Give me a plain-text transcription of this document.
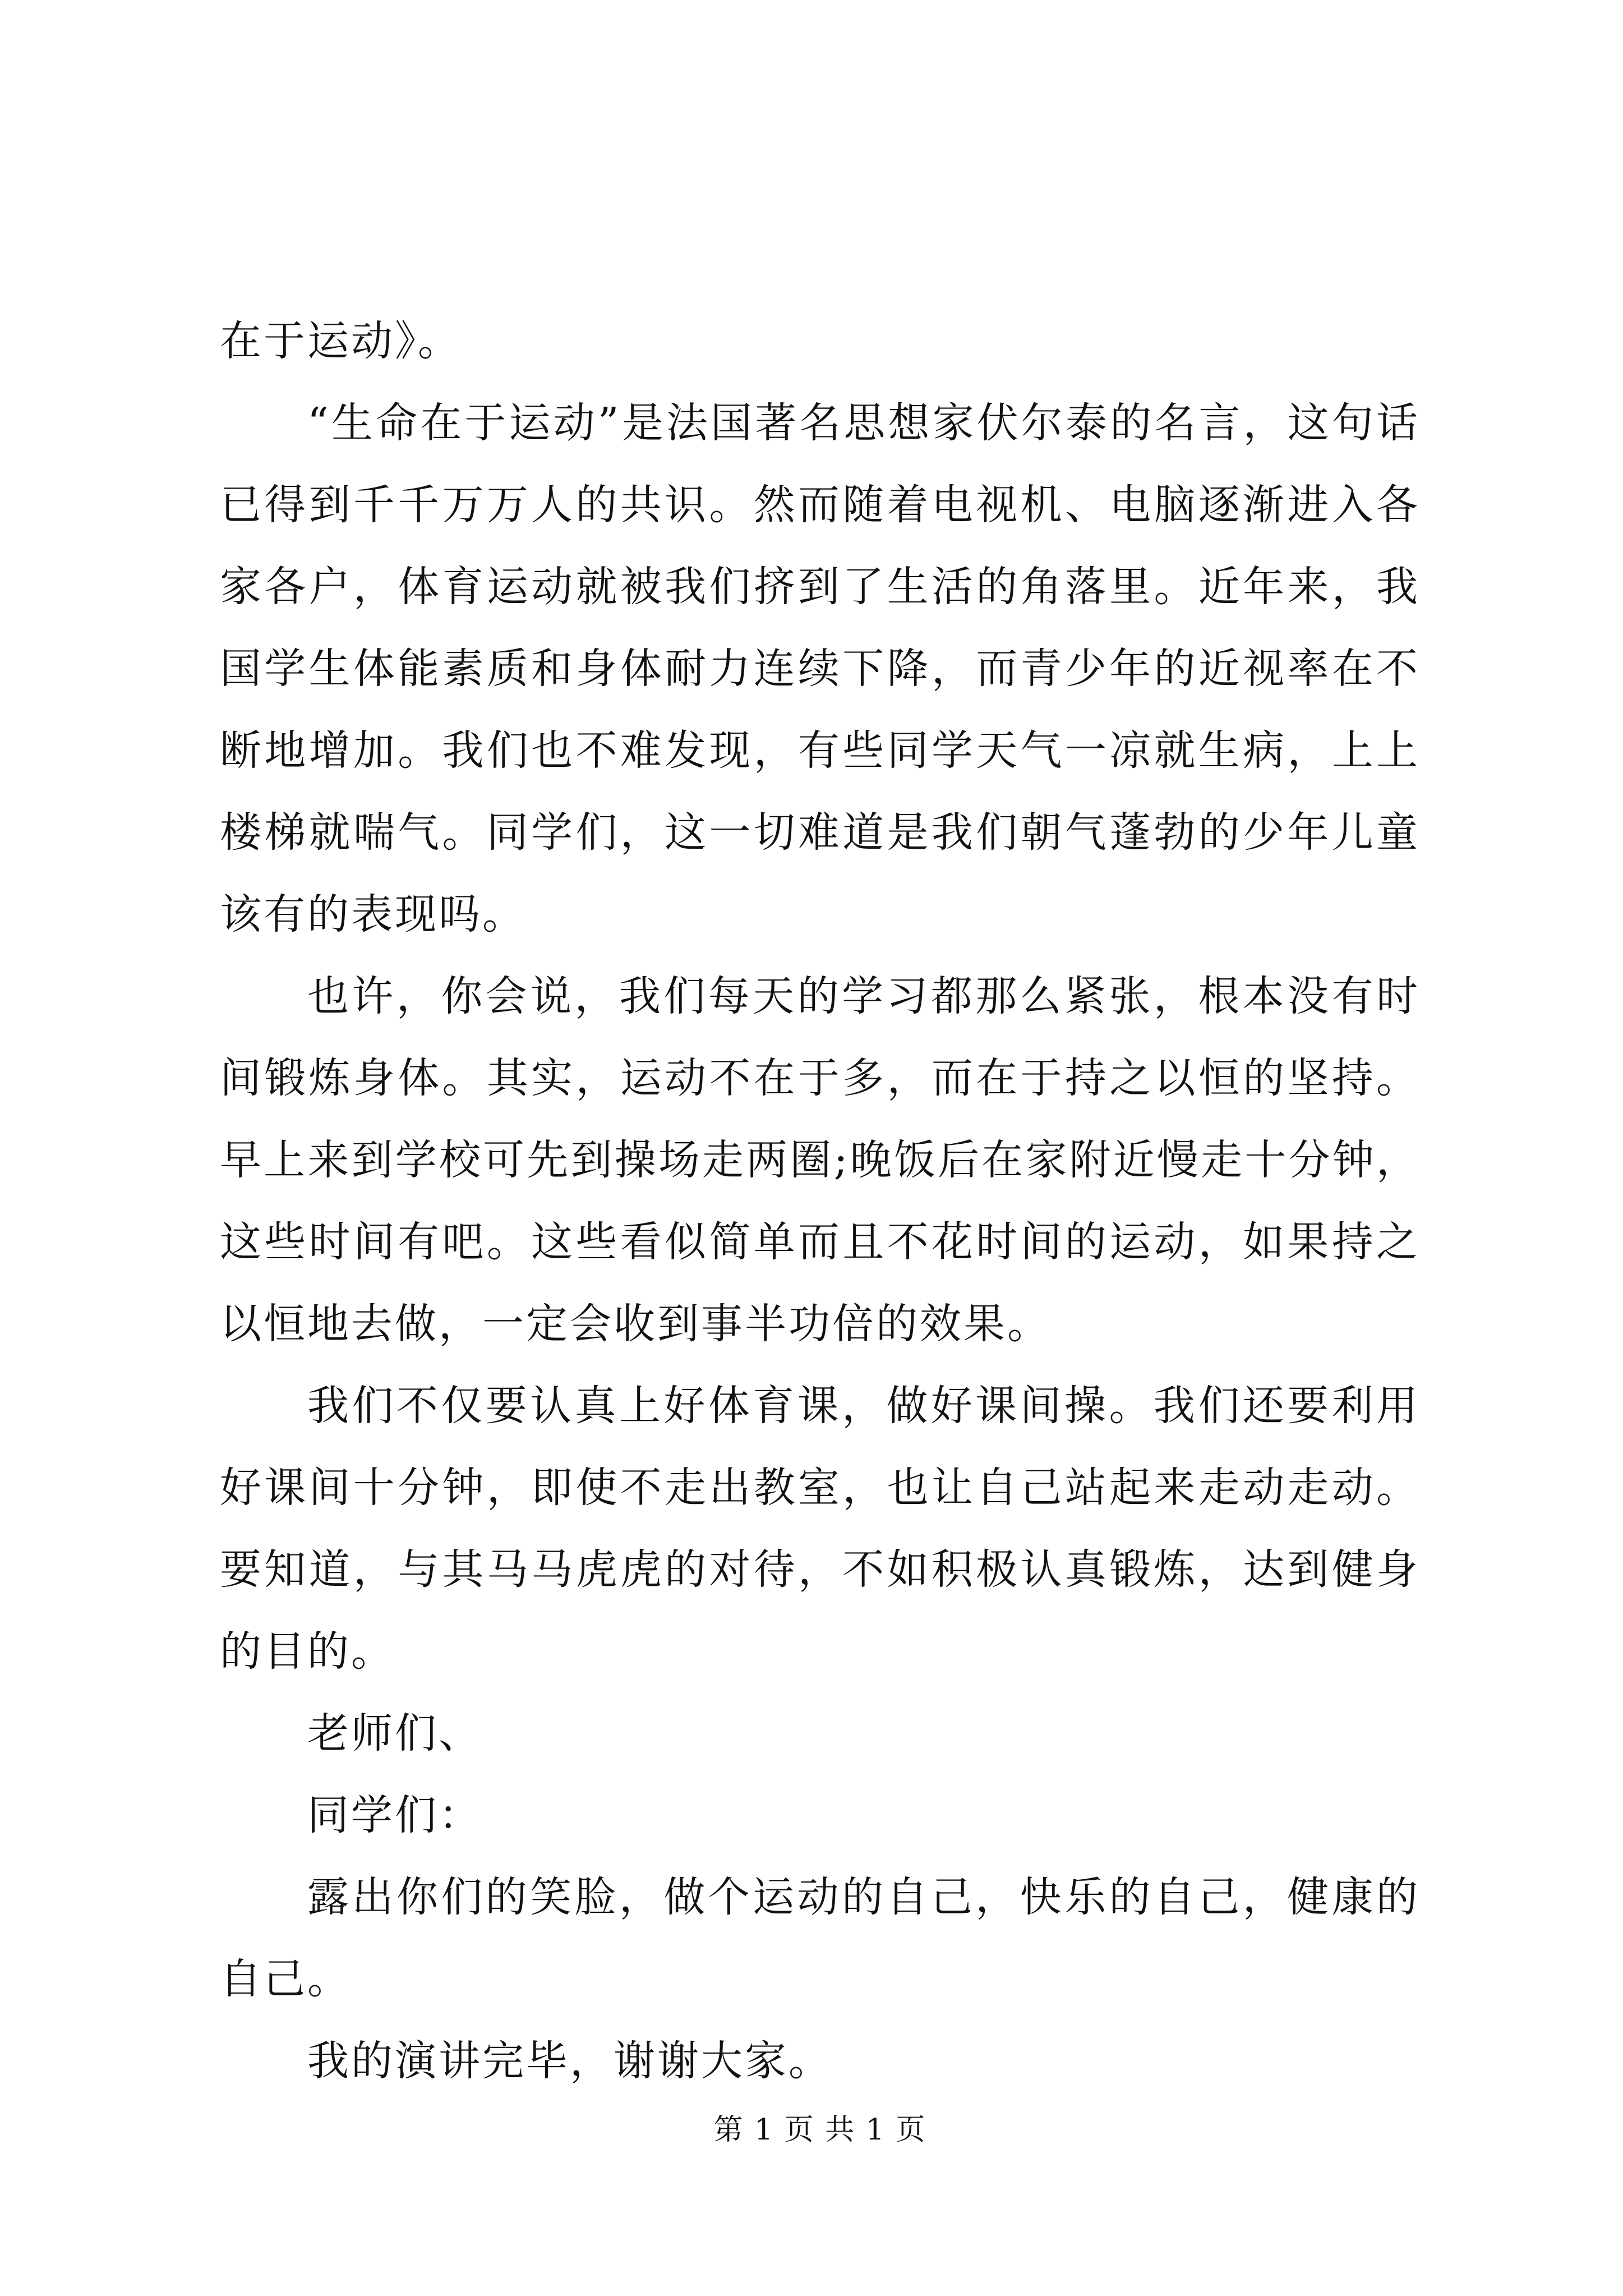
在于运动》。

“生命在于运动”是法国著名思想家伏尔泰的名言，这句话已得到千千万万人的共识。然而随着电视机、电脑逐渐进入各家各户，体育运动就被我们挤到了生活的角落里。近年来，我国学生体能素质和身体耐力连续下降，而青少年的近视率在不断地增加。我们也不难发现，有些同学天气一凉就生病，上上楼梯就喘气。同学们，这一切难道是我们朝气蓬勃的少年儿童该有的表现吗。

也许，你会说，我们每天的学习都那么紧张，根本没有时间锻炼身体。其实，运动不在于多，而在于持之以恒的坚持。早上来到学校可先到操场走两圈;晚饭后在家附近慢走十分钟，这些时间有吧。这些看似简单而且不花时间的运动，如果持之以恒地去做，一定会收到事半功倍的效果。

我们不仅要认真上好体育课，做好课间操。我们还要利用好课间十分钟，即使不走出教室，也让自己站起来走动走动。要知道，与其马马虎虎的对待，不如积极认真锻炼，达到健身的目的。

老师们、

同学们：

露出你们的笑脸，做个运动的自己，快乐的自己，健康的自己。

我的演讲完毕，谢谢大家。

第 1 页 共 1 页
